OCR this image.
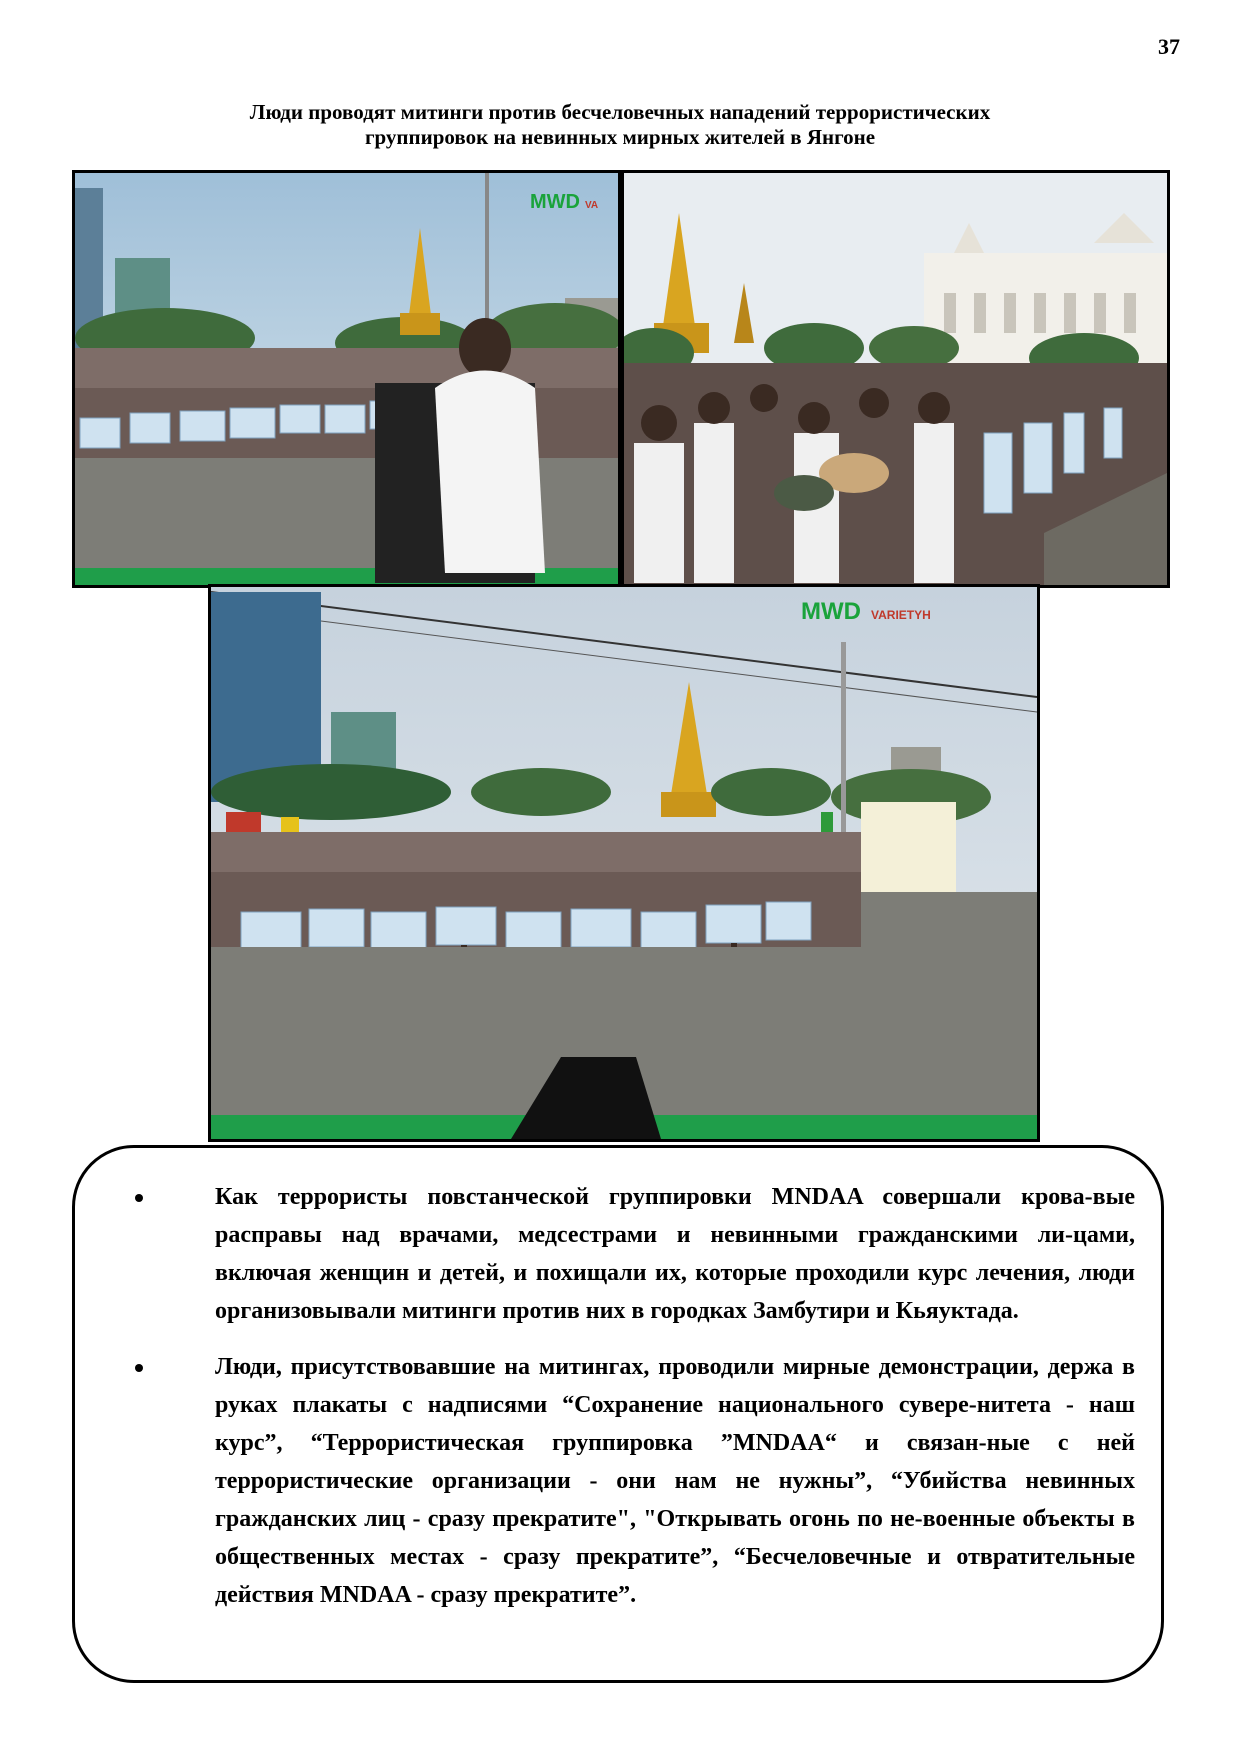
37
Люди проводят митинги против бесчеловечных нападений террористических
группировок на невинных мирных жителей в Янгоне
MWD VA
MWD VARIETYH
Как террористы повстанческой группировки MNDAA совершали крова-вые расправы над врачами, медсестрами и невинными гражданскими ли-цами, включая женщин и детей, и похищали их, которые проходили курс лечения, люди организовывали митинги против них в городках Замбутири и Кьяуктада.
Люди, присутствовавшие на митингах, проводили мирные демонстрации, держа в руках плакаты с надписями “Сохранение национального сувере-нитета - наш курс”, “Террористическая группировка ”MNDAA“ и связан-ные с ней террористические организации - они нам не нужны”, “Убийства невинных гражданских лиц - сразу прекратите", "Открывать огонь по не-военные объекты в общественных местах - сразу прекратите”, “Бесчеловечные и отвратительные действия MNDAA - сразу прекратите”.
